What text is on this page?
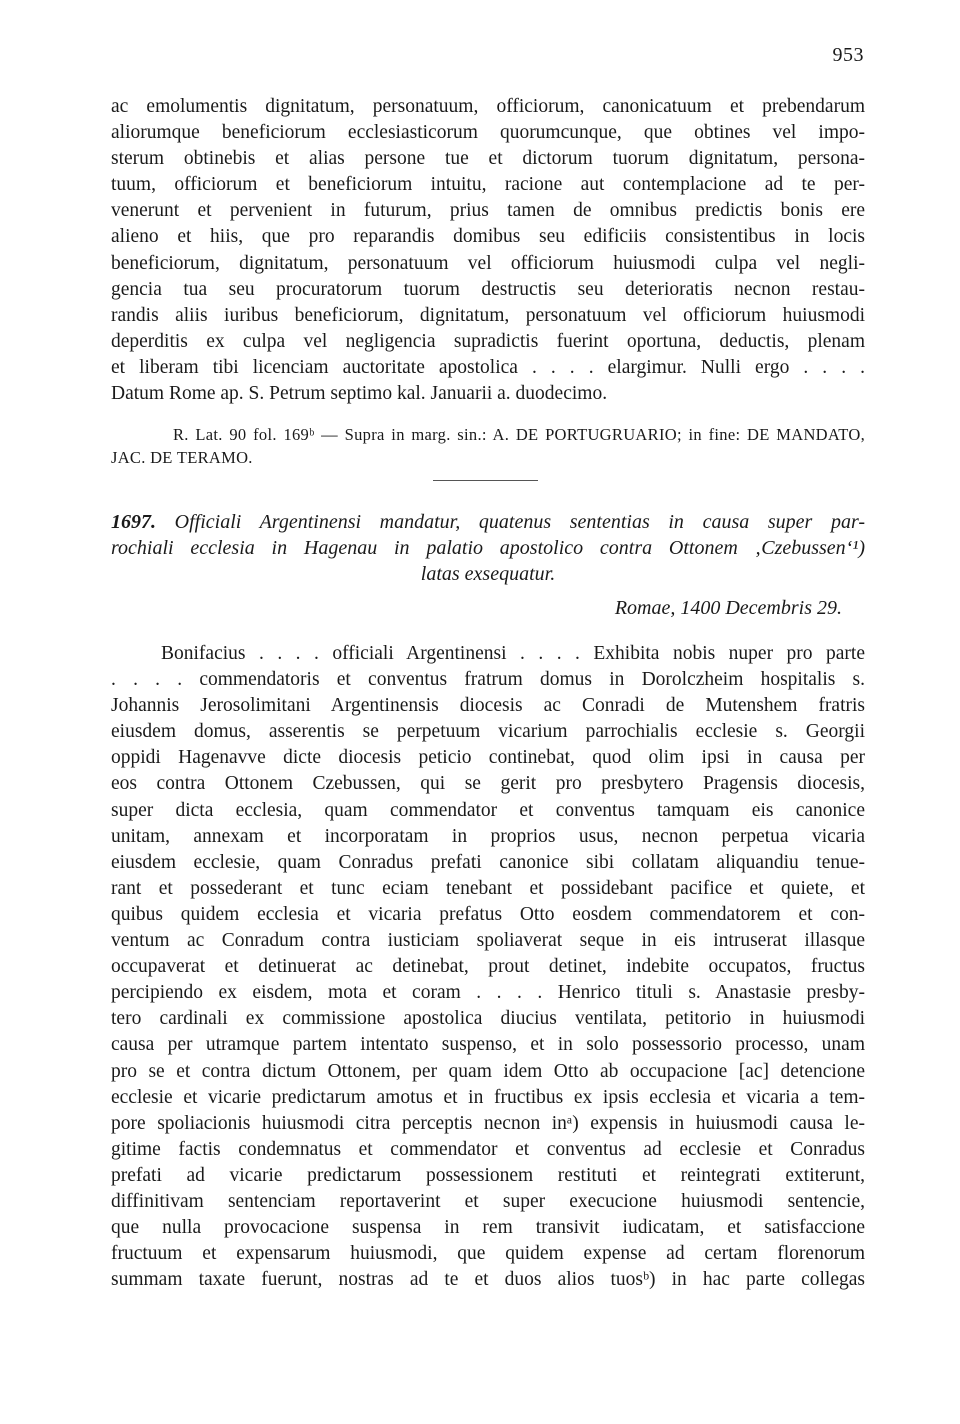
953
ac emolumentis dignitatum, personatuum, officiorum, canonicatuum et prebendarum
aliorumque beneficiorum ecclesiasticorum quorumcunque, que obtines vel impo-
sterum obtinebis et alias persone tue et dictorum tuorum dignitatum, persona-
tuum, officiorum et beneficiorum intuitu, racione aut contemplacione ad te per-
venerunt et pervenient in futurum, prius tamen de omnibus predictis bonis ere
alieno et hiis, que pro reparandis domibus seu edificiis consistentibus in locis
beneficiorum, dignitatum, personatuum vel officiorum huiusmodi culpa vel negli-
gencia tua seu procuratorum tuorum destructis seu deterioratis necnon restau-
randis aliis iuribus beneficiorum, dignitatum, personatuum vel officiorum huiusmodi
deperditis ex culpa vel negligencia supradictis fuerint oportuna, deductis, plenam
et liberam tibi licenciam auctoritate apostolica . . . . elargimur. Nulli ergo . . . .
Datum Rome ap. S. Petrum septimo kal. Januarii a. duodecimo.
R. Lat. 90 fol. 169ᵇ — Supra in marg. sin.: A. DE PORTUGRUARIO; in fine: DE MANDATO, JAC. DE TERAMO.
1697. Officiali Argentinensi mandatur, quatenus sententias in causa super par-
rochiali ecclesia in Hagenau in palatio apostolico contra Ottonem ‚Czebussen‘¹)
latas exsequatur.
Romae, 1400 Decembris 29.
Bonifacius . . . . officiali Argentinensi . . . . Exhibita nobis nuper pro parte
. . . . commendatoris et conventus fratrum domus in Dorolczheim hospitalis s.
Johannis Jerosolimitani Argentinensis diocesis ac Conradi de Mutenshem fratris
eiusdem domus, asserentis se perpetuum vicarium parrochialis ecclesie s. Georgii
oppidi Hagenavve dicte diocesis peticio continebat, quod olim ipsi in causa per
eos contra Ottonem Czebussen, qui se gerit pro presbytero Pragensis diocesis,
super dicta ecclesia, quam commendator et conventus tamquam eis canonice
unitam, annexam et incorporatam in proprios usus, necnon perpetua vicaria
eiusdem ecclesie, quam Conradus prefati canonice sibi collatam aliquandiu tenue-
rant et possederant et tunc eciam tenebant et possidebant pacifice et quiete, et
quibus quidem ecclesia et vicaria prefatus Otto eosdem commendatorem et con-
ventum ac Conradum contra iusticiam spoliaverat seque in eis intruserat illasque
occupaverat et detinuerat ac detinebat, prout detinet, indebite occupatos, fructus
percipiendo ex eisdem, mota et coram . . . . Henrico tituli s. Anastasie presby-
tero cardinali ex commissione apostolica diucius ventilata, petitorio in huiusmodi
causa per utramque partem intentato suspenso, et in solo possessorio processo, unam
pro se et contra dictum Ottonem, per quam idem Otto ab occupacione [ac] detencione
ecclesie et vicarie predictarum amotus et in fructibus ex ipsis ecclesia et vicaria a tem-
pore spoliacionis huiusmodi citra perceptis necnon inᵃ) expensis in huiusmodi causa le-
gitime factis condemnatus et commendator et conventus ad ecclesie et Conradus
prefati ad vicarie predictarum possessionem restituti et reintegrati extiterunt,
diffinitivam sentenciam reportaverint et super execucione huiusmodi sentencie,
que nulla provocacione suspensa in rem transivit iudicatam, et satisfaccione
fructuum et expensarum huiusmodi, que quidem expense ad certam florenorum
summam taxate fuerunt, nostras ad te et duos alios tuosᵇ) in hac parte collegas
